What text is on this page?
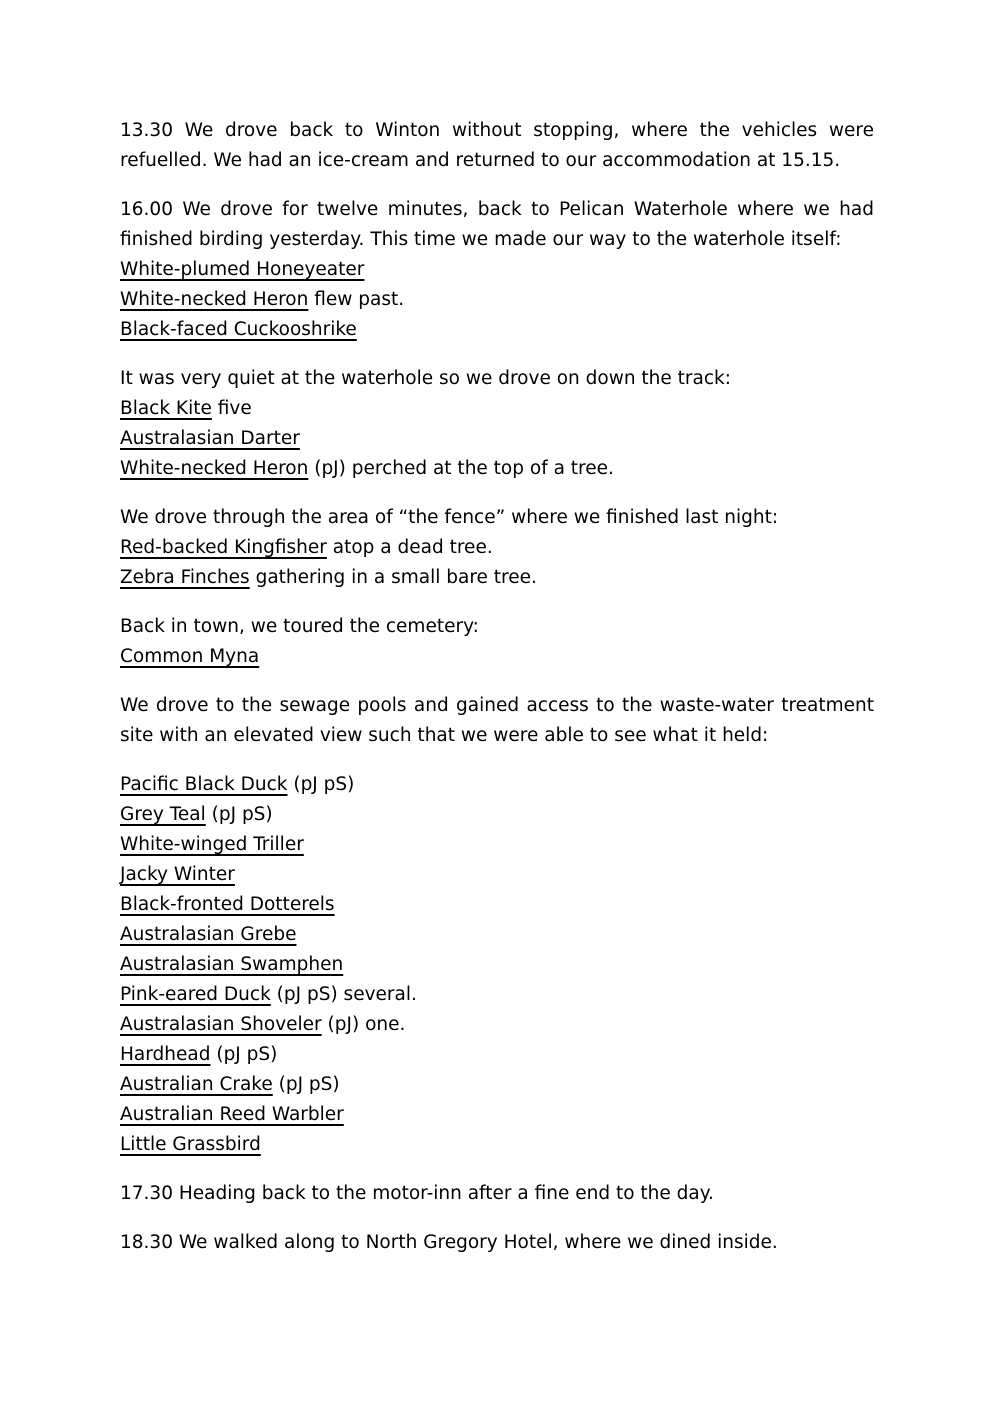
13.30 We drove back to Winton without stopping, where the vehicles were refuelled. We had an ice-cream and returned to our accommodation at 15.15.

16.00 We drove for twelve minutes, back to Pelican Waterhole where we had finished birding yesterday. This time we made our way to the waterhole itself:

White-plumed Honeyeater

White-necked Heron flew past.

Black-faced Cuckooshrike

It was very quiet at the waterhole so we drove on down the track:

Black Kite five

Australasian Darter

White-necked Heron (pJ) perched at the top of a tree.

We drove through the area of “the fence” where we finished last night:

Red-backed Kingfisher atop a dead tree.

Zebra Finches gathering in a small bare tree.

Back in town, we toured the cemetery:

Common Myna

We drove to the sewage pools and gained access to the waste-water treatment site with an elevated view such that we were able to see what it held:

Pacific Black Duck (pJ pS)

Grey Teal (pJ pS)

White-winged Triller

Jacky Winter

Black-fronted Dotterels

Australasian Grebe

Australasian Swamphen

Pink-eared Duck (pJ pS) several.

Australasian Shoveler (pJ) one.

Hardhead (pJ pS)

Australian Crake (pJ pS)

Australian Reed Warbler

Little Grassbird

17.30 Heading back to the motor-inn after a fine end to the day.

18.30 We walked along to North Gregory Hotel, where we dined inside.
